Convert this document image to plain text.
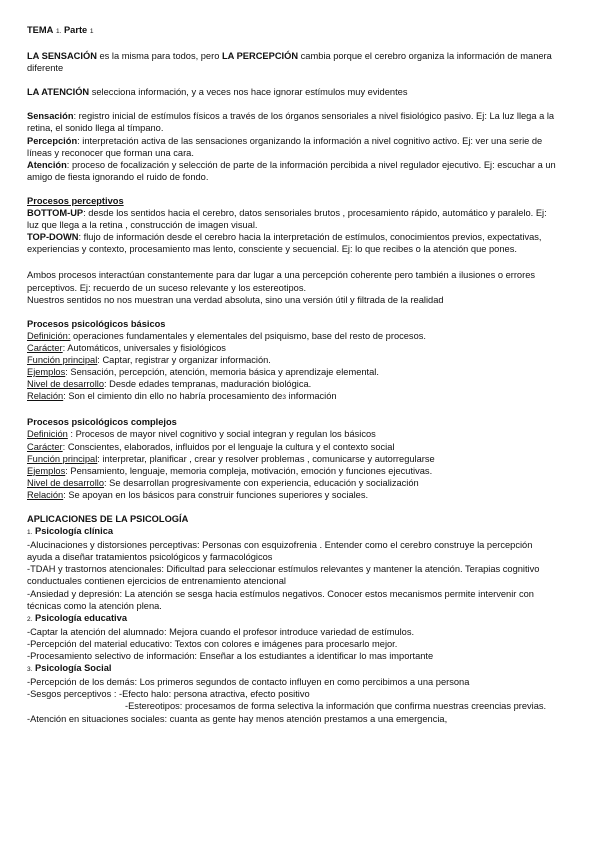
TEMA 1. Parte 1

LA SENSACIÓN es la misma para todos, pero LA PERCEPCIÓN cambia porque el cerebro organiza la información de manera

diferente

LA ATENCIÓN selecciona información, y a veces nos hace ignorar estímulos muy evidentes

Sensación: registro inicial de estímulos físicos a través de los órganos sensoriales a nivel fisiológico pasivo. Ej: La luz llega a la

retina, el sonido llega al tímpano.

Percepción: interpretación activa de las sensaciones organizando la información a nivel cognitivo activo. Ej: ver una serie de

líneas y reconocer que forman una cara.

Atención: proceso de focalización y selección de parte de la información percibida a nivel regulador ejecutivo. Ej: escuchar a un

amigo de fiesta ignorando el ruido de fondo.

Procesos perceptivos

BOTTOM-UP: desde los sentidos hacia el cerebro, datos sensoriales brutos , procesamiento rápido, automático y paralelo. Ej:

luz que llega a la retina , construcción de imagen visual.

TOP-DOWN: flujo de información desde el cerebro hacia la interpretación de estímulos, conocimientos previos, expectativas,

experiencias y contexto, procesamiento mas lento, consciente y secuencial. Ej: lo que recibes o la atención que pones.

Ambos procesos interactúan constantemente para dar lugar a una percepción coherente pero también a ilusiones o errores

perceptivos. Ej: recuerdo de un suceso relevante y los estereotipos.

Nuestros sentidos no nos muestran una verdad absoluta, sino una versión útil y filtrada de la realidad

Procesos psicológicos básicos

Definición: operaciones fundamentales y elementales del psiquismo, base del resto de procesos.

Carácter: Automáticos, universales y fisiológicos

Función principal: Captar, registrar y organizar información.

Ejemplos: Sensación, percepción, atención, memoria básica y aprendizaje elemental.

Nivel de desarrollo: Desde edades tempranas, maduración biológica.

Relación: Son el cimiento din ello no habría procesamiento de3 información

Procesos psicológicos complejos

Definición : Procesos de mayor nivel cognitivo y social integran y regulan los básicos

Carácter: Conscientes, elaborados, influidos por el lenguaje la cultura y el contexto social

Función principal: interpretar, planificar , crear y resolver problemas , comunicarse y autorregularse

Ejemplos: Pensamiento, lenguaje, memoria compleja, motivación, emoción y funciones ejecutivas.

Nivel de desarrollo: Se desarrollan progresivamente con experiencia, educación y socialización

Relación: Se apoyan en los básicos para construir funciones superiores y sociales.

APLICACIONES DE LA PSICOLOGÍA

1. Psicología clínica

-Alucinaciones y distorsiones perceptivas: Personas con esquizofrenia . Entender como el cerebro construye la percepción

ayuda a diseñar tratamientos psicológicos y farmacológicos

-TDAH y trastornos atencionales: Dificultad para seleccionar estímulos relevantes y mantener la atención. Terapias cognitivo

conductuales contienen ejercicios de entrenamiento atencional

-Ansiedad y depresión: La atención se sesga hacia estímulos negativos. Conocer estos mecanismos permite intervenir con

técnicas como la atención plena.

2. Psicología educativa

-Captar la atención del alumnado: Mejora cuando el profesor introduce variedad de estímulos.

-Percepción del material educativo: Textos con colores e imágenes para procesarlo mejor.

-Procesamiento selectivo de información: Enseñar a los estudiantes a identificar lo mas importante

3. Psicología Social

-Percepción de los demás: Los primeros segundos de contacto influyen en como percibimos a una persona

-Sesgos perceptivos : -Efecto halo: persona atractiva, efecto positivo

-Estereotipos: procesamos de forma selectiva la información que confirma nuestras creencias previas.

-Atención en situaciones sociales: cuanta as gente hay menos atención prestamos a una emergencia,
